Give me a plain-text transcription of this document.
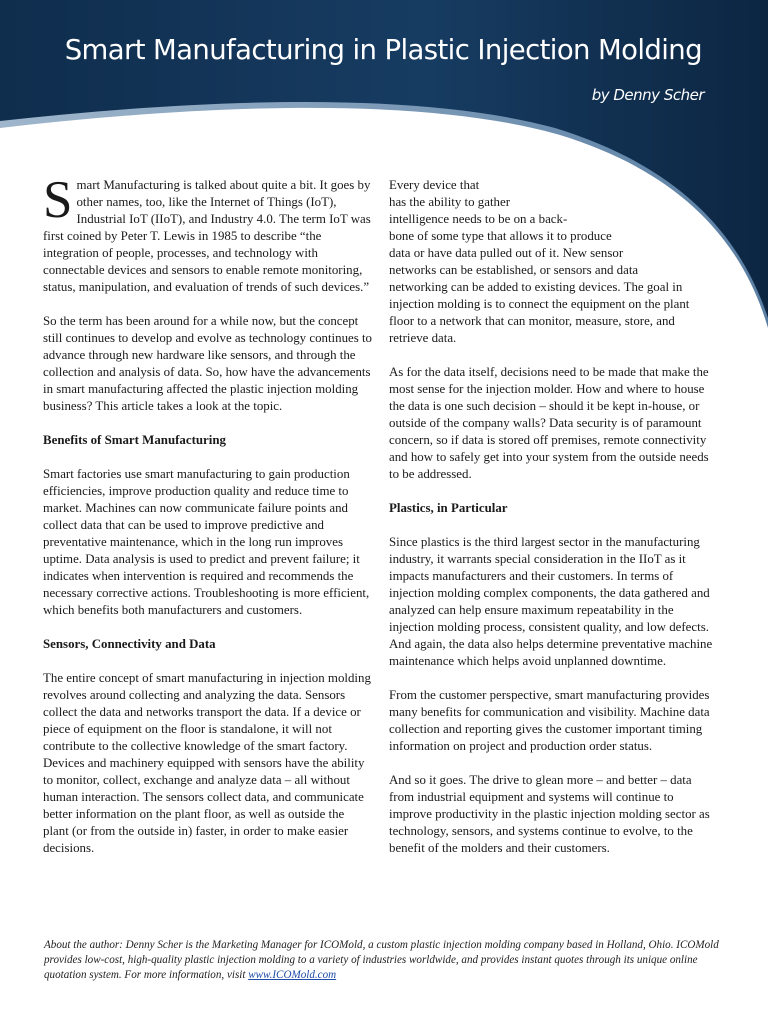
Smart Manufacturing in Plastic Injection Molding
by Denny Scher

Smart Manufacturing is talked about quite a bit. It goes by other names, too, like the Internet of Things (IoT), Industrial IoT (IIoT), and Industry 4.0. The term IoT was first coined by Peter T. Lewis in 1985 to describe “the integration of people, processes, and technology with connectable devices and sensors to enable remote monitoring, status, manipulation, and evaluation of trends of such devices.”

So the term has been around for a while now, but the concept still continues to develop and evolve as technology continues to advance through new hardware like sensors, and through the collection and analysis of data. So, how have the advancements in smart manufacturing affected the plastic injection molding business? This article takes a look at the topic.

Benefits of Smart Manufacturing

Smart factories use smart manufacturing to gain production efficiencies, improve production quality and reduce time to market. Machines can now communicate failure points and collect data that can be used to improve predictive and preventative maintenance, which in the long run improves uptime. Data analysis is used to predict and prevent failure; it indicates when intervention is required and recommends the necessary corrective actions. Troubleshooting is more efficient, which benefits both manufacturers and customers.

Sensors, Connectivity and Data

The entire concept of smart manufacturing in injection molding revolves around collecting and analyzing the data. Sensors collect the data and networks transport the data. If a device or piece of equipment on the floor is standalone, it will not contribute to the collective knowledge of the smart factory. Devices and machinery equipped with sensors have the ability to monitor, collect, exchange and analyze data – all without human interaction. The sensors collect data, and communicate better information on the plant floor, as well as outside the plant (or from the outside in) faster, in order to make easier decisions.

Every device that
has the ability to gather
intelligence needs to be on a back-
bone of some type that allows it to produce
data or have data pulled out of it. New sensor
networks can be established, or sensors and data
networking can be added to existing devices. The goal in
injection molding is to connect the equipment on the plant
floor to a network that can monitor, measure, store, and
retrieve data.

As for the data itself, decisions need to be made that make the most sense for the injection molder. How and where to house the data is one such decision – should it be kept in-house, or outside of the company walls? Data security is of paramount concern, so if data is stored off premises, remote connectivity and how to safely get into your system from the outside needs to be addressed.

Plastics, in Particular

Since plastics is the third largest sector in the manufacturing industry, it warrants special consideration in the IIoT as it impacts manufacturers and their customers. In terms of injection molding complex components, the data gathered and analyzed can help ensure maximum repeatability in the injection molding process, consistent quality, and low defects. And again, the data also helps determine preventative machine maintenance which helps avoid unplanned downtime.

From the customer perspective, smart manufacturing provides many benefits for communication and visibility. Machine data collection and reporting gives the customer important timing information on project and production order status.

And so it goes. The drive to glean more – and better – data from industrial equipment and systems will continue to improve productivity in the plastic injection molding sector as technology, sensors, and systems continue to evolve, to the benefit of the molders and their customers.

About the author: Denny Scher is the Marketing Manager for ICOMold, a custom plastic injection molding company based in Holland, Ohio. ICOMold provides low-cost, high-quality plastic injection molding to a variety of industries worldwide, and provides instant quotes through its unique online quotation system. For more information, visit www.ICOMold.com
